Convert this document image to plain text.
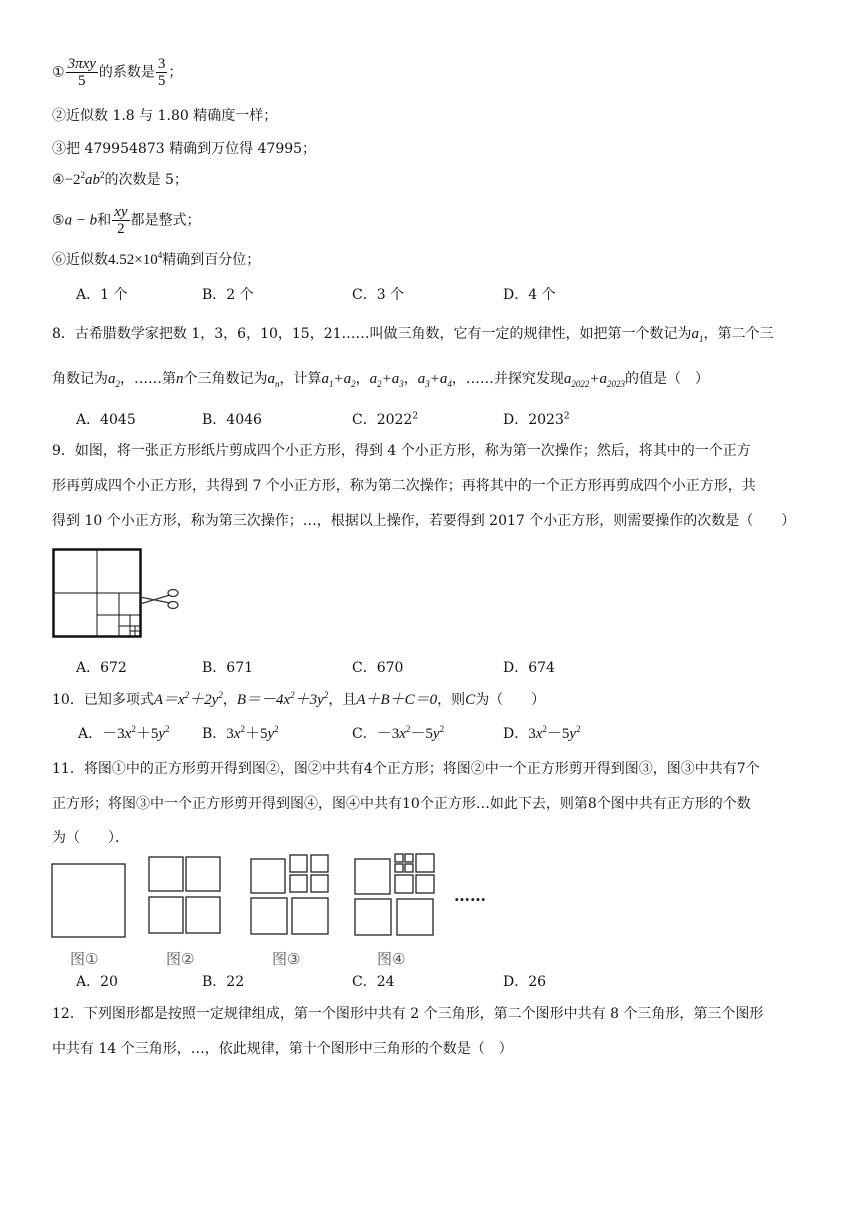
① $\frac{\text{3πxy}}{5}$ 的系数是 $\frac{3}{5}$ ；
②近似数 1.8 与 1.80 精确度一样；
③把 479954873 精确到万位得 47995；
$④-2^2ab^2$的次数是 5；
⑤a − b和 $\frac{xy}{2}$ 都是整式；
⑥近似数$4.52\times 10^4$精确到百分位；
A．1 个	B．2 个	C．3 个	D．4 个
8．古希腊数学家把数 1，3，6，10，15，21……叫做三角数，它有一定的规律性，如把第一个数记为$a_1$，第二个三
角数记为$a_2$，……第n个三角数记为$a_n$，计算$a_1+a_2$，$a_2+a_3$，$a_3+a_4$，……并探究发现$a_{2022}+a_{2023}$的值是（　）
A．4045	B．4046	C．2022$^2$	D．2023$^2$
9．如图，将一张正方形纸片剪成四个小正方形，得到 4 个小正方形，称为第一次操作；然后，将其中的一个正方
形再剪成四个小正方形，共得到 7 个小正方形，称为第二次操作；再将其中的一个正方形再剪成四个小正方形，共
得到 10 个小正方形，称为第三次操作；…，根据以上操作，若要得到 2017 个小正方形，则需要操作的次数是（　　）
A．672	B．671	C．670	D．674
10．已知多项式$A=x^2+2y^2$，$B=-4x^2+3y^2$，且A＋B＋C＝0，则C为（　　）
A．$-3x^2+5y^2$ B．$3x^2+5y^2$	C．$-3x^2-5y^2$	D．$3x^2-5y^2$
11．将图①中的正方形剪开得到图②，图②中共有4个正方形；将图②中一个正方形剪开得到图③，图③中共有7个
正方形；将图③中一个正方形剪开得到图④，图④中共有10个正方形…如此下去，则第8个图中共有正方形的个数
为（　　）．
……
图①	图②	图③	图④
A．20	B．22	C．24	D．26
12．下列图形都是按照一定规律组成，第一个图形中共有 2 个三角形，第二个图形中共有 8 个三角形，第三个图形
中共有 14 个三角形，…，依此规律，第十个图形中三角形的个数是（　）
